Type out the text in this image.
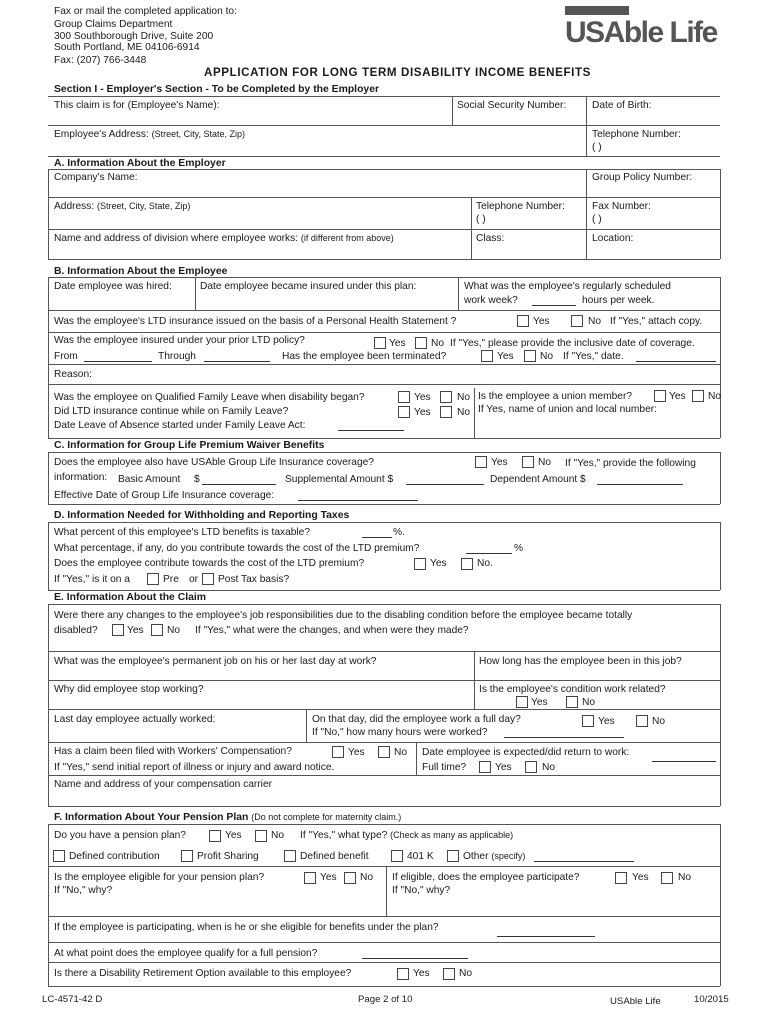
Fax or mail the completed application to:
Group Claims Department
300 Southborough Drive, Suite 200
South Portland, ME 04106-6914
Fax: (207) 766-3448
USAble Life
APPLICATION FOR LONG TERM DISABILITY INCOME BENEFITS
Section I - Employer's Section - To be Completed by the Employer
This claim is for (Employee's Name):	Social Security Number:	Date of Birth:
Employee's Address: (Street, City, State, Zip)	Telephone Number:
( )
A. Information About the Employer
Company's Name:	Group Policy Number:
Address: (Street, City, State, Zip)	Telephone Number:
( )
Fax Number:
( )
Name and address of division where employee works: (if different from above)	Class:	Location:
B. Information About the Employee
Date employee was hired:	Date employee became insured under this plan:	What was the employee's regularly scheduled
work week?	hours per week.
Was the employee's LTD insurance issued on the basis of a Personal Health Statement ?	Yes	No If "Yes," attach copy.
Was the employee insured under your prior LTD policy?	Yes No If "Yes," please provide the inclusive date of coverage.
From	Through	Has the employee been terminated?	Yes	No If "Yes," date.
Reason:
Was the employee on Qualified Family Leave when disability began?	Yes	No
Did LTD insurance continue while on Family Leave?	Yes	No
Date Leave of Absence started under Family Leave Act:
Is the employee a union member?	Yes No
If Yes, name of union and local number:
C. Information for Group Life Premium Waiver Benefits
Does the employee also have USAble Group Life Insurance coverage?	Yes	No If "Yes," provide the following
information: Basic Amount $	Supplemental Amount $	Dependent Amount $
Effective Date of Group Life Insurance coverage:
D. Information Needed for Withholding and Reporting Taxes
What percent of this employee's LTD benefits is taxable?	%.
What percentage, if any, do you contribute towards the cost of the LTD premium?	%
Does the employee contribute towards the cost of the LTD premium?	Yes	No.
If "Yes," is it on a	Pre or Post Tax basis?
E. Information About the Claim
Were there any changes to the employee's job responsibilities due to the disabling condition before the employee became totally
disabled?	Yes No If "Yes," what were the changes, and when were they made?
What was the employee's permanent job on his or her last day at work?	How long has the employee been in this job?
Why did employee stop working?	Is the employee's condition work related?
Yes	No
Last day employee actually worked:	On that day, did the employee work a full day?	Yes	No
If "No," how many hours were worked?
Has a claim been filed with Workers' Compensation?	Yes	No Date employee is expected/did return to work:
If "Yes," send initial report of illness or injury and award notice.	Full time?	Yes	No
Name and address of your compensation carrier
F. Information About Your Pension Plan (Do not complete for maternity claim.)
Do you have a pension plan?	Yes	No If "Yes," what type? (Check as many as applicable)
Defined contribution	Profit Sharing	Defined benefit	401 K	Other (specify)
Is the employee eligible for your pension plan?	Yes No
If "No," why?
If eligible, does the employee participate?	Yes	No
If "No," why?
If the employee is participating, when is he or she eligible for benefits under the plan?
At what point does the employee qualify for a full pension?
Is there a Disability Retirement Option available to this employee?	Yes	No
LC-4571-42 D	Page 2 of 10	USAble Life	10/2015
